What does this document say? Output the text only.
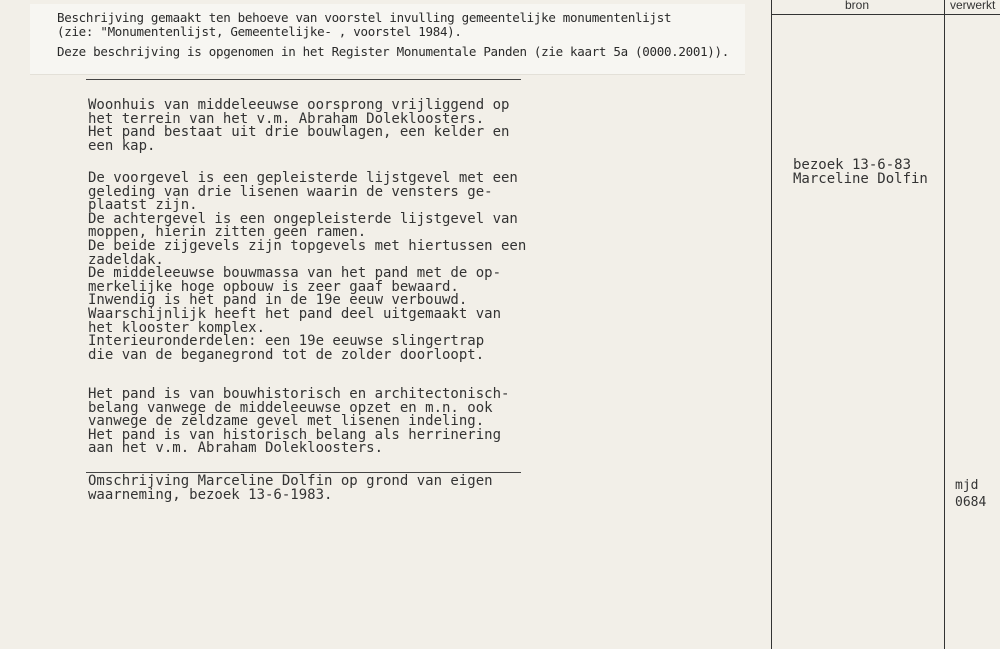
Beschrijving gemaakt ten behoeve van voorstel invulling gemeentelijke monumentenlijst
(zie: "Monumentenlijst, Gemeentelijke- , voorstel 1984).
Deze beschrijving is opgenomen in het Register Monumentale Panden (zie kaart 5a (0000.2001)).
Woonhuis van middeleeuwse oorsprong vrijliggend op
het terrein van het v.m. Abraham Dolekloosters.
Het pand bestaat uit drie bouwlagen, een kelder en
een kap.
De voorgevel is een gepleisterde lijstgevel met een
geleding van drie lisenen waarin de vensters ge-
plaatst zijn.
De achtergevel is een ongepleisterde lijstgevel van
moppen, hierin zitten geen ramen.
De beide zijgevels zijn topgevels met hiertussen een
zadeldak.
De middeleeuwse bouwmassa van het pand met de op-
merkelijke hoge opbouw is zeer gaaf bewaard.
Inwendig is het pand in de 19e eeuw verbouwd.
Waarschijnlijk heeft het pand deel uitgemaakt van
het klooster komplex.
Interieuronderdelen: een 19e eeuwse slingertrap
die van de beganegrond tot de zolder doorloopt.
Het pand is van bouwhistorisch en architectonisch-
belang vanwege de middeleeuwse opzet en m.n. ook
vanwege de zeldzame gevel met lisenen indeling.
Het pand is van historisch belang als herrinering
aan het v.m. Abraham Dolekloosters.
Omschrijving Marceline Dolfin op grond van eigen
waarneming, bezoek 13-6-1983.
bron	verwerkt
bezoek 13-6-83
Marceline Dolfin
mjd
0684
